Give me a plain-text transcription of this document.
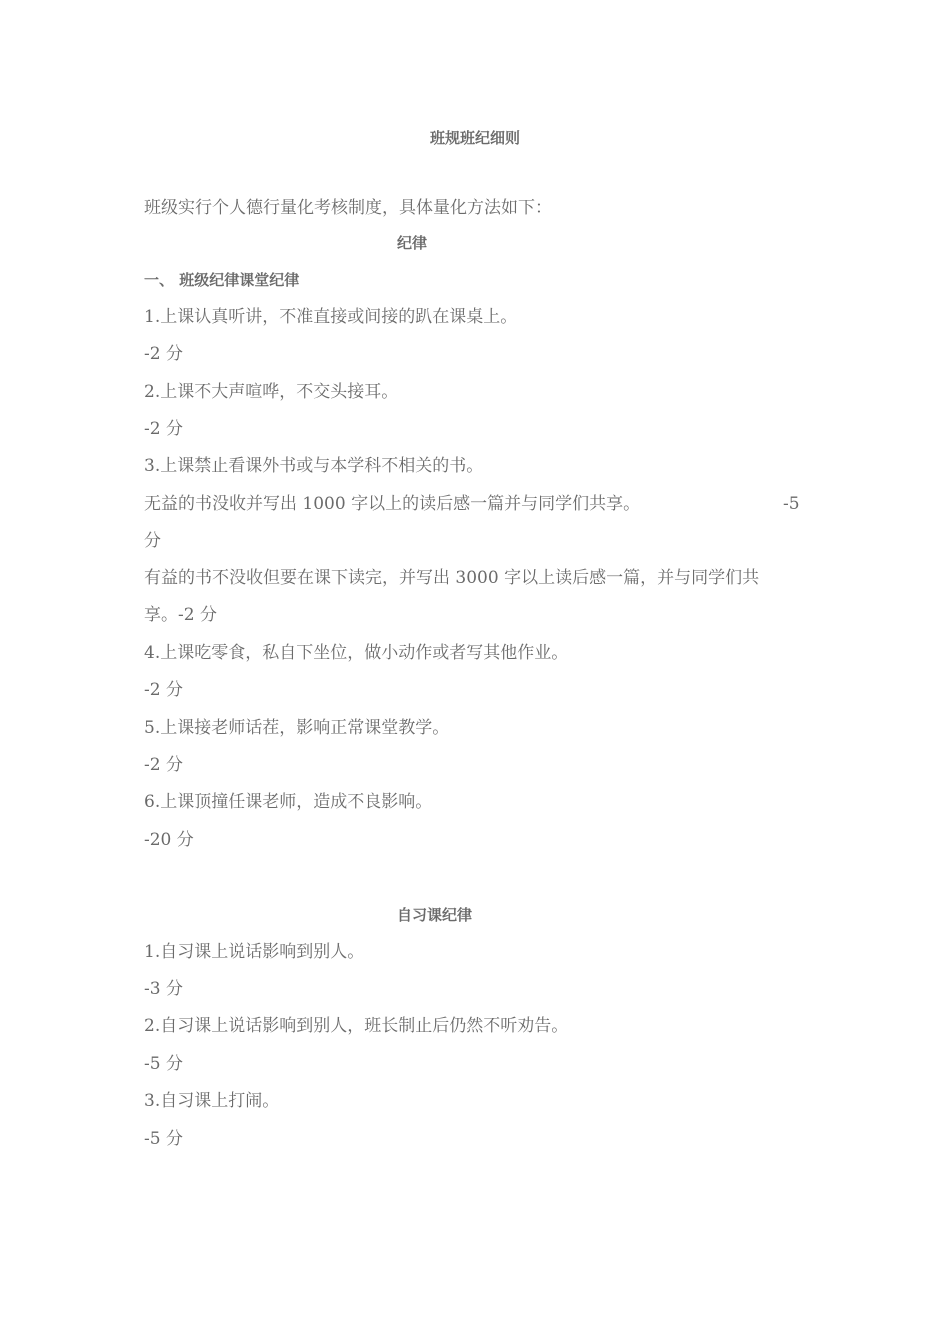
班规班纪细则
班级实行个人德行量化考核制度，具体量化方法如下：
纪律
一、 班级纪律课堂纪律
1.上课认真听讲，不准直接或间接的趴在课桌上。
-2 分
2.上课不大声喧哗，不交头接耳。
-2 分
3.上课禁止看课外书或与本学科不相关的书。
无益的书没收并写出 1000 字以上的读后感一篇并与同学们共享。	-5
分
有益的书不没收但要在课下读完，并写出 3000 字以上读后感一篇，并与同学们共
享。-2 分
4.上课吃零食，私自下坐位，做小动作或者写其他作业。
-2 分
5.上课接老师话茬，影响正常课堂教学。
-2 分
6.上课顶撞任课老师，造成不良影响。
-20 分
自习课纪律
1.自习课上说话影响到别人。
-3 分
2.自习课上说话影响到别人，班长制止后仍然不听劝告。
-5 分
3.自习课上打闹。
-5 分
